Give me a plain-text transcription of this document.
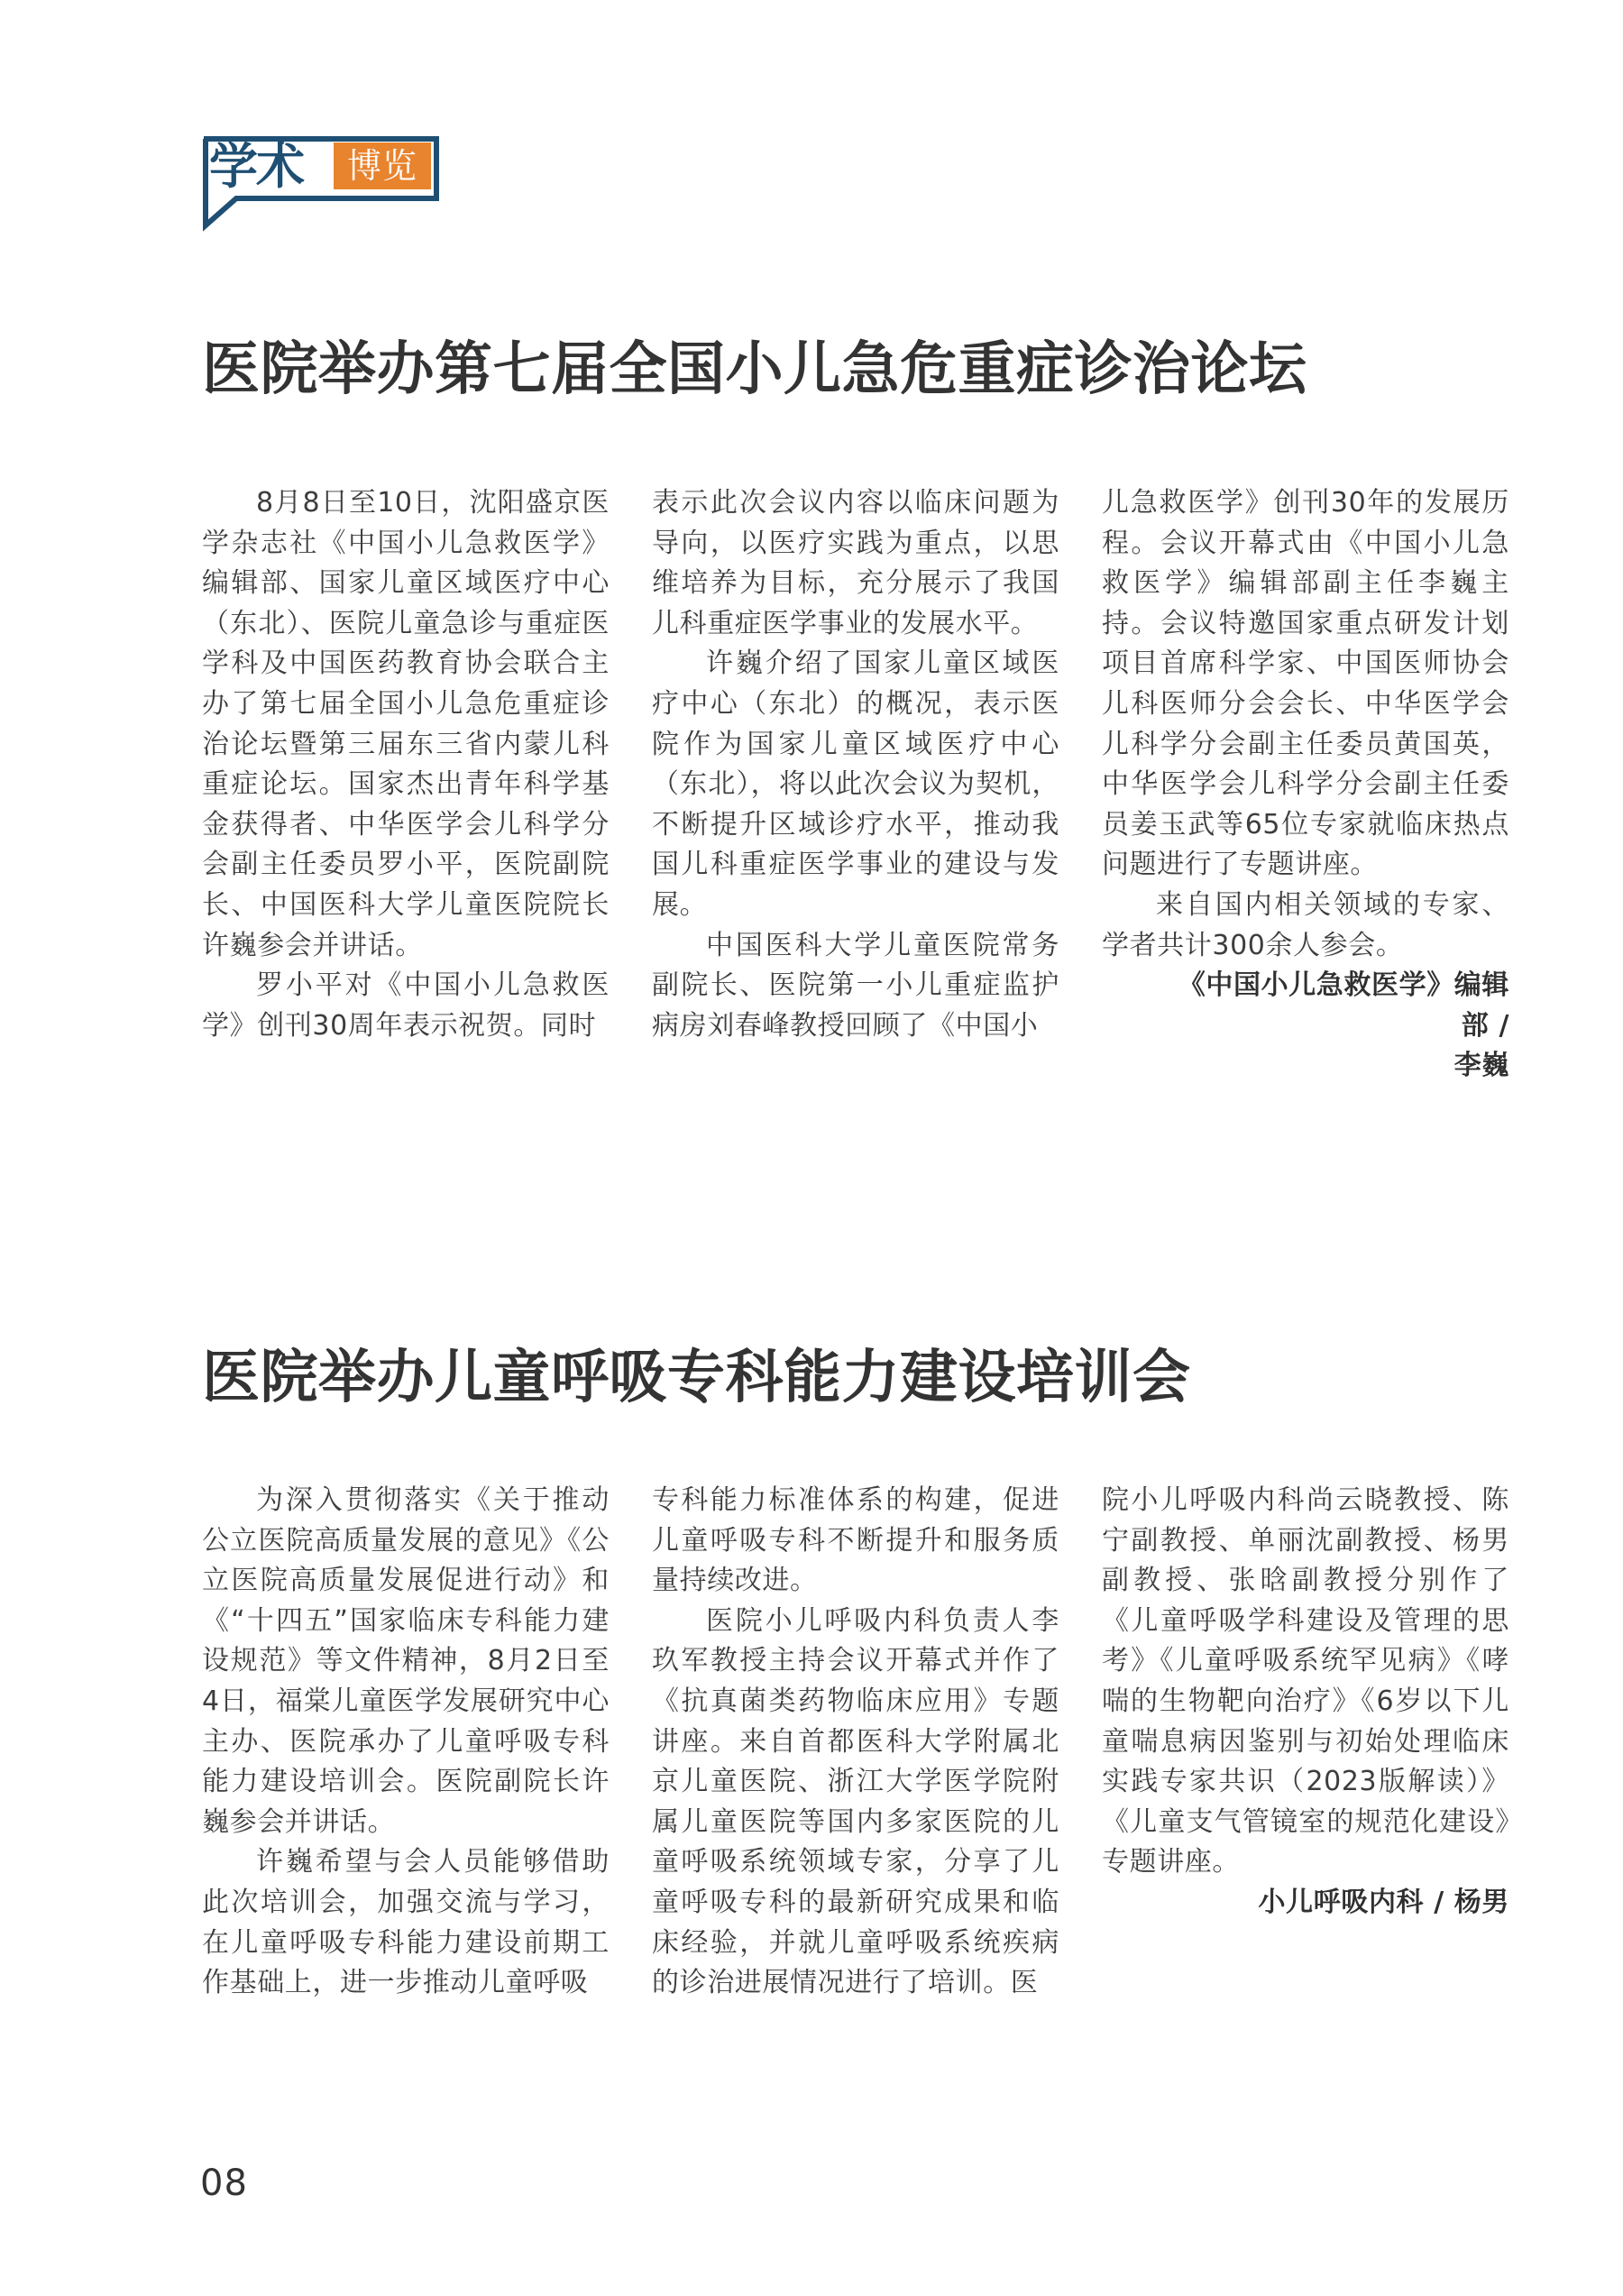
学术	博览
医院举办第七届全国小儿急危重症诊治论坛

8月8日至10日，沈阳盛京医学杂志社《中国小儿急救医学》编辑部、国家儿童区域医疗中心（东北）、医院儿童急诊与重症医学科及中国医药教育协会联合主办了第七届全国小儿急危重症诊治论坛暨第三届东三省内蒙儿科重症论坛。国家杰出青年科学基金获得者、中华医学会儿科学分会副主任委员罗小平，医院副院长、中国医科大学儿童医院院长许巍参会并讲话。

罗小平对《中国小儿急救医学》创刊30周年表示祝贺。同时

表示此次会议内容以临床问题为导向，以医疗实践为重点，以思维培养为目标，充分展示了我国儿科重症医学事业的发展水平。

许巍介绍了国家儿童区域医疗中心（东北）的概况，表示医院作为国家儿童区域医疗中心（东北），将以此次会议为契机，不断提升区域诊疗水平，推动我国儿科重症医学事业的建设与发展。

中国医科大学儿童医院常务副院长、医院第一小儿重症监护病房刘春峰教授回顾了《中国小

儿急救医学》创刊30年的发展历程。会议开幕式由《中国小儿急救医学》编辑部副主任李巍主持。会议特邀国家重点研发计划项目首席科学家、中国医师协会儿科医师分会会长、中华医学会儿科学分会副主任委员黄国英，中华医学会儿科学分会副主任委员姜玉武等65位专家就临床热点问题进行了专题讲座。

来自国内相关领域的专家、学者共计300余人参会。

《中国小儿急救医学》编辑部 /
李巍

医院举办儿童呼吸专科能力建设培训会

为深入贯彻落实《关于推动公立医院高质量发展的意见》《公立医院高质量发展促进行动》和《“十四五”国家临床专科能力建设规范》等文件精神，8月2日至4日，福棠儿童医学发展研究中心主办、医院承办了儿童呼吸专科能力建设培训会。医院副院长许巍参会并讲话。

许巍希望与会人员能够借助此次培训会，加强交流与学习，在儿童呼吸专科能力建设前期工作基础上，进一步推动儿童呼吸

专科能力标准体系的构建，促进儿童呼吸专科不断提升和服务质量持续改进。

医院小儿呼吸内科负责人李玖军教授主持会议开幕式并作了《抗真菌类药物临床应用》专题讲座。来自首都医科大学附属北京儿童医院、浙江大学医学院附属儿童医院等国内多家医院的儿童呼吸系统领域专家，分享了儿童呼吸专科的最新研究成果和临床经验，并就儿童呼吸系统疾病的诊治进展情况进行了培训。医

院小儿呼吸内科尚云晓教授、陈宁副教授、单丽沈副教授、杨男副教授、张晗副教授分别作了《儿童呼吸学科建设及管理的思考》《儿童呼吸系统罕见病》《哮喘的生物靶向治疗》《6岁以下儿童喘息病因鉴别与初始处理临床实践专家共识（2023版解读）》《儿童支气管镜室的规范化建设》专题讲座。

小儿呼吸内科 / 杨男

08
